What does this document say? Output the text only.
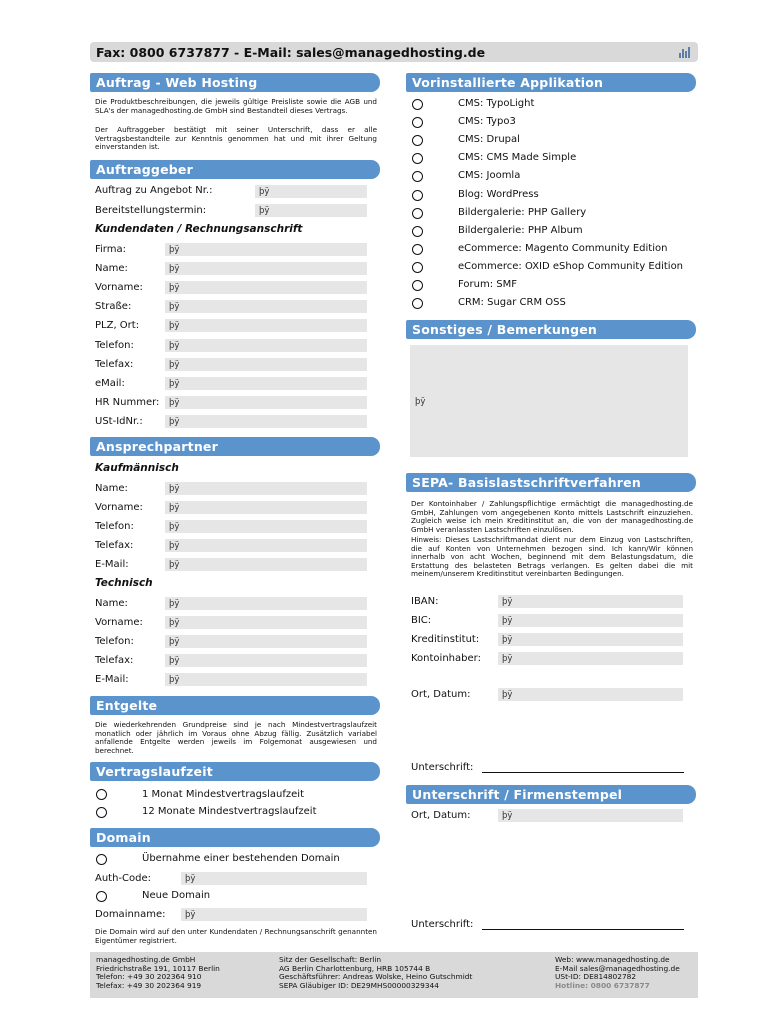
Fax: 0800 6737877 - E-Mail: sales@managedhosting.de
Auftrag - Web Hosting
Die Produktbeschreibungen, die jeweils gültige Preisliste sowie die AGB und SLA's der managedhosting.de GmbH sind Bestandteil dieses Vertrags.
Der Auftraggeber bestätigt mit seiner Unterschrift, dass er alle Vertragsbestandteile zur Kenntnis genommen hat und mit ihrer Geltung einverstanden ist.
Auftraggeber
Auftrag zu Angebot Nr.:	þÿ
Bereitstellungstermin:	þÿ
Kundendaten / Rechnungsanschrift
Ansprechpartner
Kaufmännisch
Technisch
Entgelte
Die wiederkehrenden Grundpreise sind je nach Mindestvertragslaufzeit monatlich oder jährlich im Voraus ohne Abzug fällig. Zusätzlich variabel anfallende Entgelte werden jeweils im Folgemonat ausgewiesen und berechnet.
Vertragslaufzeit
1 Monat Mindestvertragslaufzeit
12 Monate Mindestvertragslaufzeit
Domain
Übernahme einer bestehenden Domain
Auth-Code:	þÿ
Neue Domain
Domainname:	þÿ
Die Domain wird auf den unter Kundendaten / Rechnungsanschrift genannten Eigentümer registriert.
Vorinstallierte Applikation
Sonstiges / Bemerkungen
þÿ
SEPA- Basislastschriftverfahren
Der Kontoinhaber / Zahlungspflichtige ermächtigt die managedhosting.de GmbH, Zahlungen vom angegebenen Konto mittels Lastschrift einzuziehen. Zugleich weise ich mein Kreditinstitut an, die von der managedhosting.de GmbH veranlassten Lastschriften einzulösen.
Hinweis: Dieses Lastschriftmandat dient nur dem Einzug von Lastschriften, die auf Konten von Unternehmen bezogen sind. Ich kann/Wir können innerhalb von acht Wochen, beginnend mit dem Belastungsdatum, die Erstattung des belasteten Betrags verlangen. Es gelten dabei die mit meinem/unserem Kreditinstitut vereinbarten Bedingungen.
Ort, Datum:	þÿ
Unterschrift:
Unterschrift / Firmenstempel
Ort, Datum:	þÿ
Unterschrift:
managedhosting.de GmbH
Friedrichstraße 191, 10117 Berlin
Telefon: +49 30 202364 910
Telefax: +49 30 202364 919
Sitz der Gesellschaft: Berlin
AG Berlin Charlottenburg, HRB 105744 B
Geschäftsführer: Andreas Wolske, Heino Gutschmidt
SEPA Gläubiger ID: DE29MHS00000329344
Web: www.managedhosting.de
E-Mail sales@managedhosting.de
USt-ID: DE814802782
Hotline: 0800 6737877
Firma:	þÿ
Name:	þÿ
Vorname:	þÿ
Straße:	þÿ
PLZ, Ort:	þÿ
Telefon:	þÿ
Telefax:	þÿ
eMail:	þÿ
HR Nummer:	þÿ
USt-IdNr.:	þÿ
Name:	þÿ
Vorname:	þÿ
Telefon:	þÿ
Telefax:	þÿ
E-Mail:	þÿ
Name:	þÿ
Vorname:	þÿ
Telefon:	þÿ
Telefax:	þÿ
E-Mail:	þÿ
IBAN:	þÿ
BIC:	þÿ
Kreditinstitut:	þÿ
Kontoinhaber:	þÿ
CMS: TypoLight
CMS: Typo3
CMS: Drupal
CMS: CMS Made Simple
CMS: Joomla
Blog: WordPress
Bildergalerie: PHP Gallery
Bildergalerie: PHP Album
eCommerce: Magento Community Edition
eCommerce: OXID eShop Community Edition
Forum: SMF
CRM: Sugar CRM OSS
